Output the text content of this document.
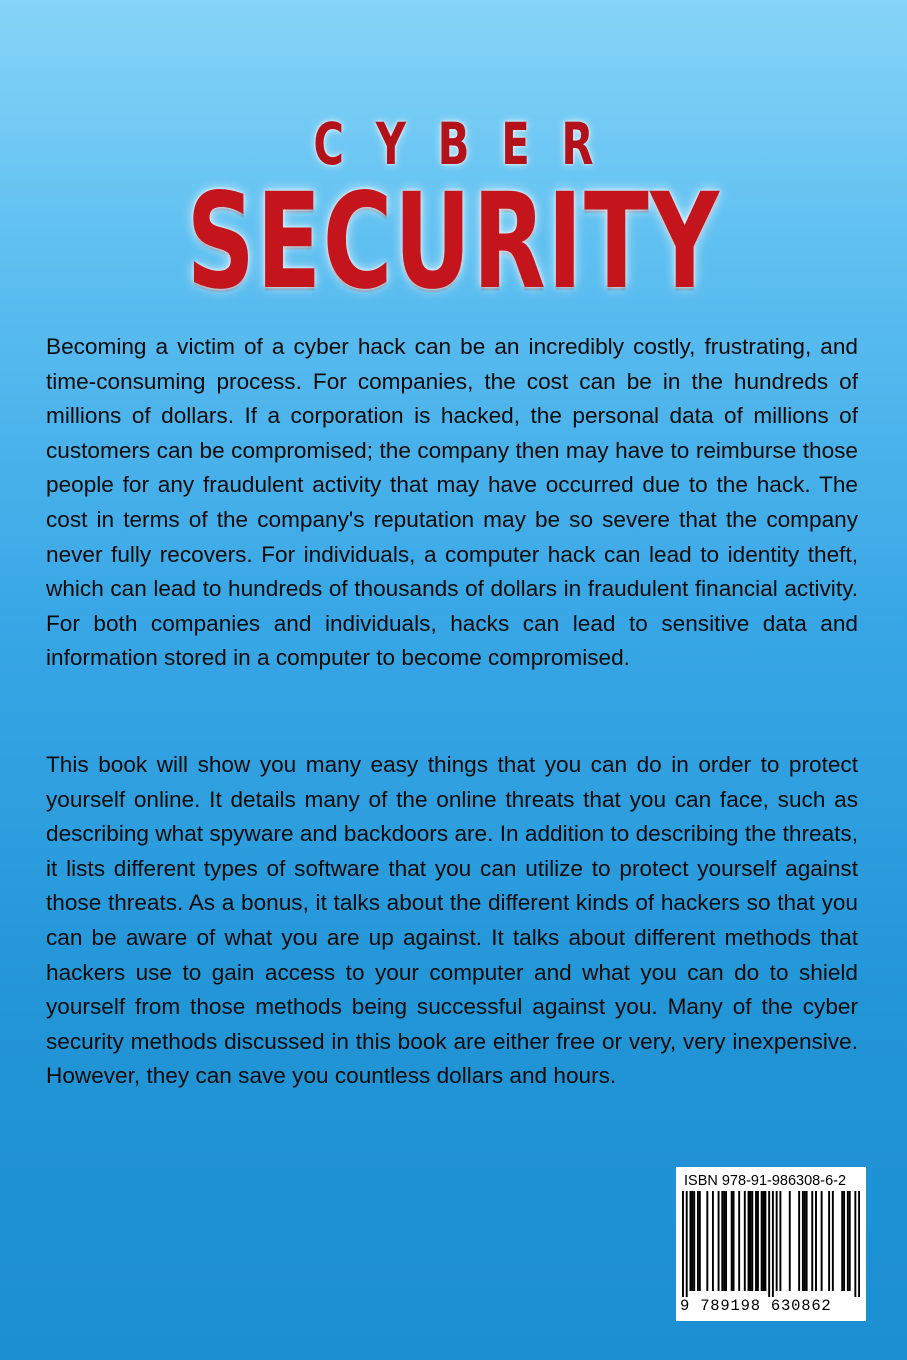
CYBER
SECURITY

Becoming a victim of a cyber hack can be an incredibly costly, frustrating, and time-consuming process. For companies, the cost can be in the hundreds of millions of dollars. If a corporation is hacked, the personal data of millions of customers can be compromised; the company then may have to reimburse those people for any fraudulent activity that may have occurred due to the hack. The cost in terms of the company's reputation may be so severe that the company never fully recovers. For individuals, a computer hack can lead to identity theft, which can lead to hundreds of thousands of dollars in fraudulent financial activity. For both companies and individuals, hacks can lead to sensitive data and information stored in a computer to become compromised.

This book will show you many easy things that you can do in order to protect yourself online. It details many of the online threats that you can face, such as describing what spyware and backdoors are. In addition to describing the threats, it lists different types of software that you can utilize to protect yourself against those threats. As a bonus, it talks about the different kinds of hackers so that you can be aware of what you are up against. It talks about different methods that hackers use to gain access to your computer and what you can do to shield yourself from those methods being successful against you. Many of the cyber security methods discussed in this book are either free or very, very inexpensive. However, they can save you countless dollars and hours.

ISBN 978-91-986308-6-2
9 789198 630862
